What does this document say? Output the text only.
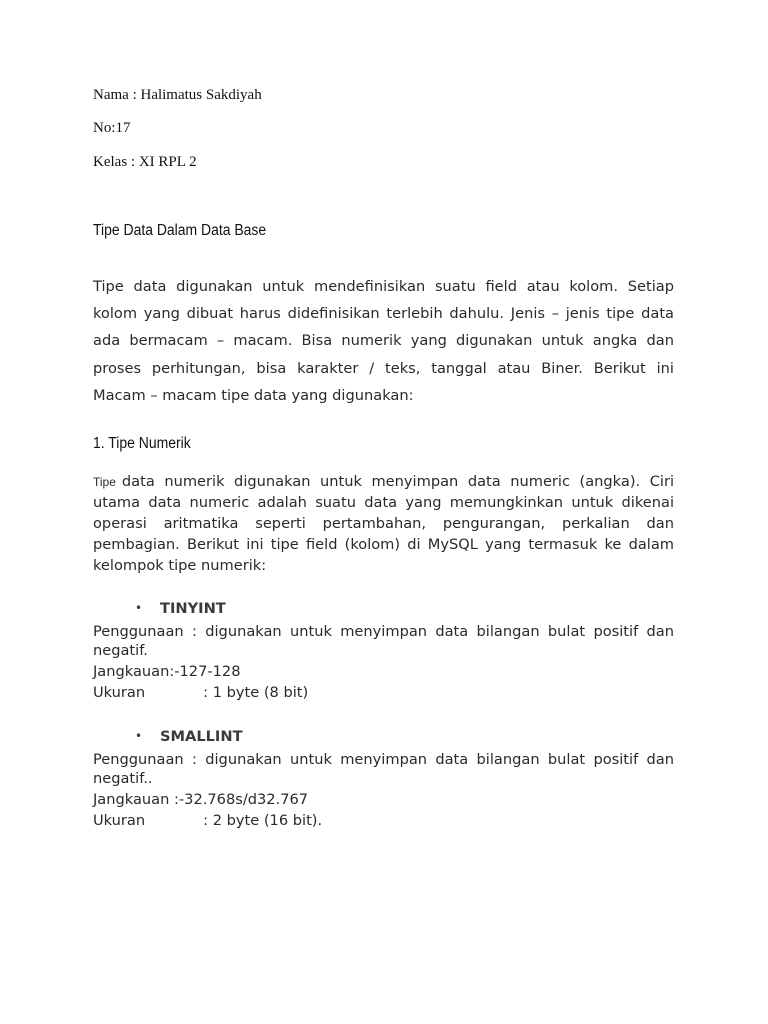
Nama : Halimatus Sakdiyah
No:17
Kelas : XI RPL 2
Tipe Data Dalam Data Base
Tipe data digunakan untuk mendefinisikan suatu field atau kolom. Setiap
kolom yang dibuat harus didefinisikan terlebih dahulu. Jenis – jenis tipe data
ada bermacam – macam. Bisa numerik yang digunakan untuk angka dan
proses perhitungan, bisa karakter / teks, tanggal atau Biner. Berikut ini
Macam – macam tipe data yang digunakan:
1. Tipe Numerik
Tipe data numerik digunakan untuk menyimpan data numeric (angka). Ciri
utama data numeric adalah suatu data yang memungkinkan untuk dikenai
operasi aritmatika seperti pertambahan, pengurangan, perkalian dan
pembagian. Berikut ini tipe field (kolom) di MySQL yang termasuk ke dalam
kelompok tipe numerik:
• TINYINT
Penggunaan : digunakan untuk menyimpan data bilangan bulat positif dan
negatif.
Jangkauan:-127-128
Ukuran	: 1 byte (8 bit)
• SMALLINT
Penggunaan : digunakan untuk menyimpan data bilangan bulat positif dan
negatif..
Jangkauan :-32.768s/d32.767
Ukuran	: 2 byte (16 bit).
